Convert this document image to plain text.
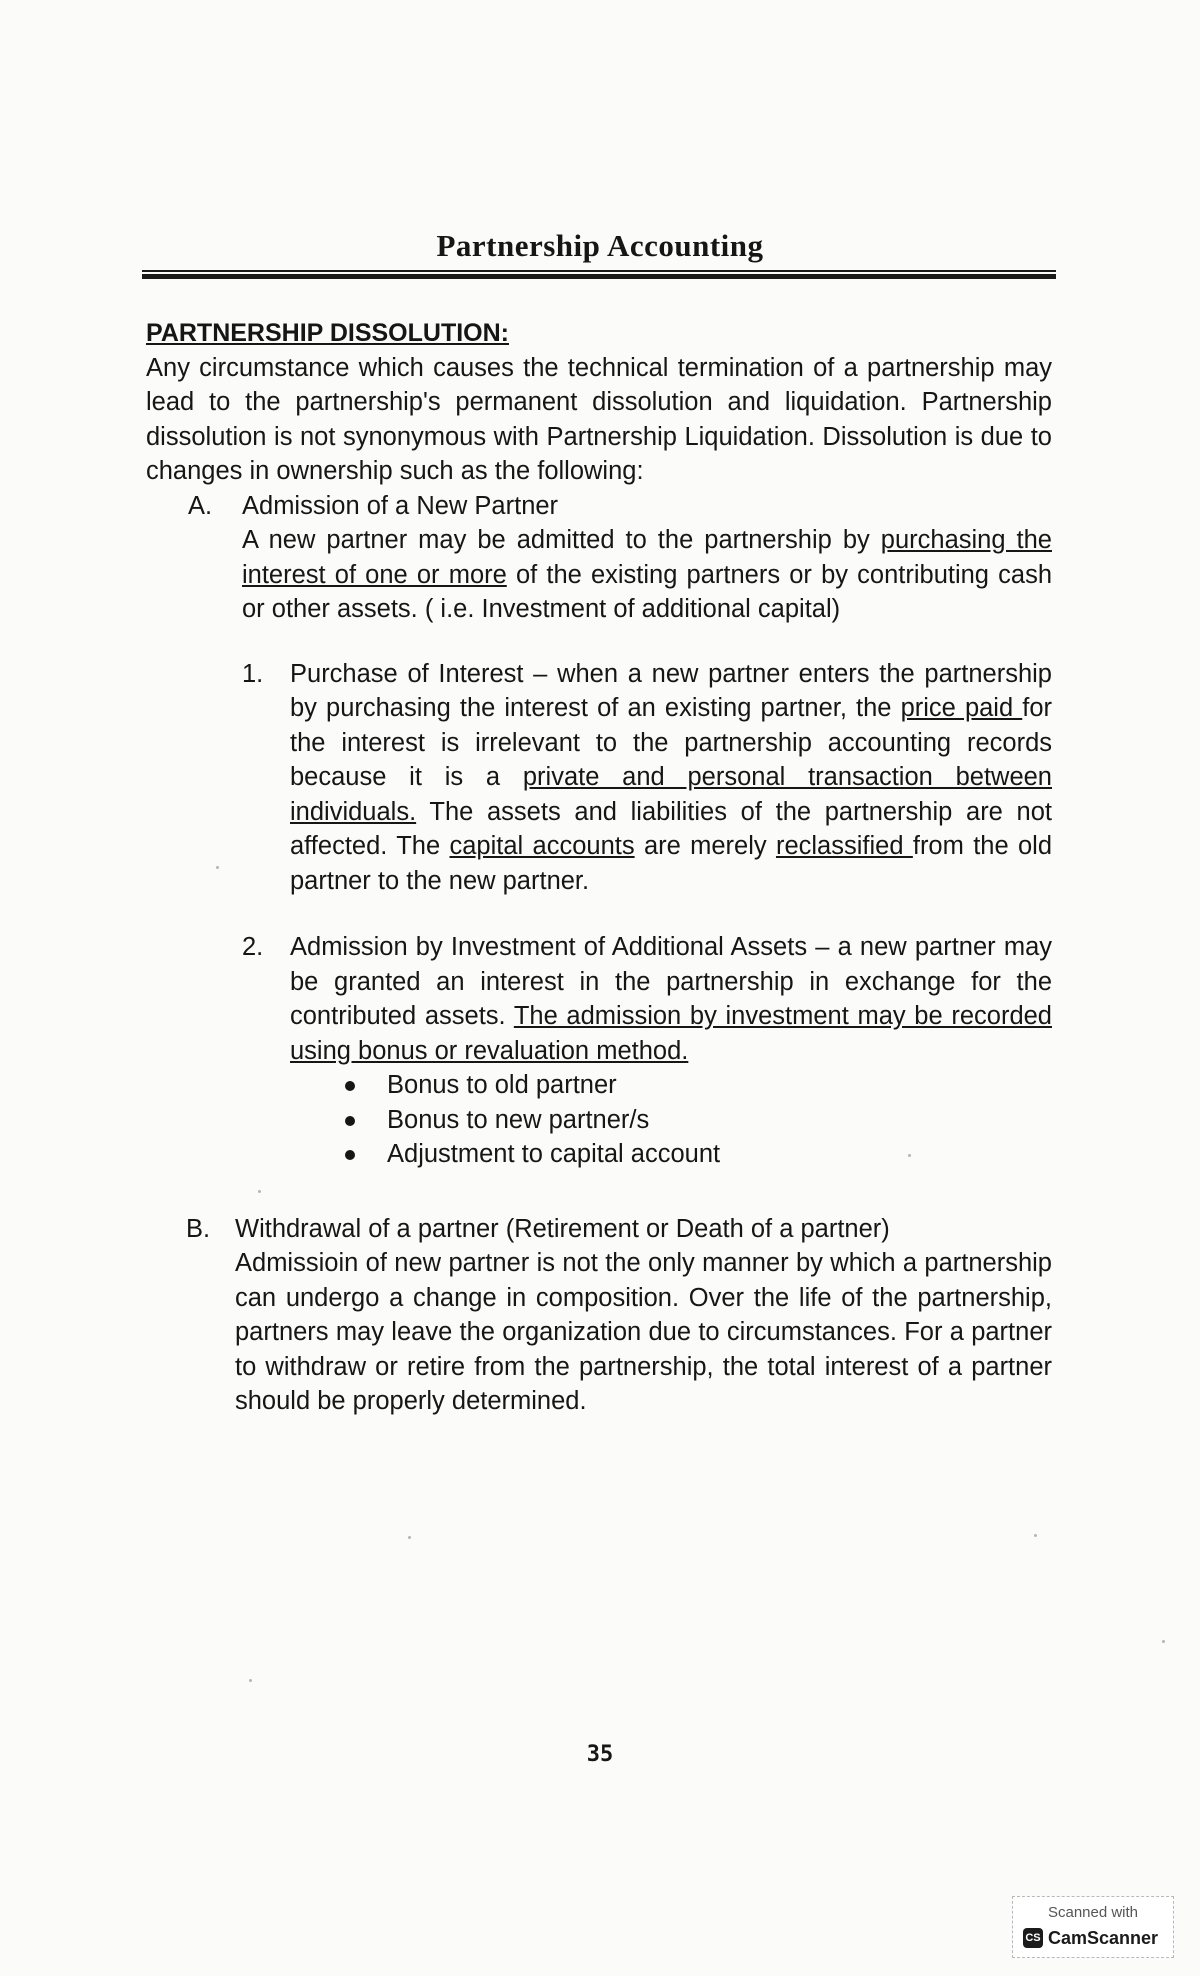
Partnership Accounting
PARTNERSHIP DISSOLUTION:

Any circumstance which causes the technical termination of a partnership may lead to the partnership's permanent dissolution and liquidation. Partnership dissolution is not synonymous with Partnership Liquidation. Dissolution is due to changes in ownership such as the following:

A. Admission of a New Partner

A new partner may be admitted to the partnership by purchasing the interest of one or more of the existing partners or by contributing cash or other assets. ( i.e. Investment of additional capital)

1. Purchase of Interest – when a new partner enters the partnership by purchasing the interest of an existing partner, the price paid for the interest is irrelevant to the partnership accounting records because it is a private and personal transaction between individuals. The assets and liabilities of the partnership are not affected. The capital accounts are merely reclassified from the old partner to the new partner.

2. Admission by Investment of Additional Assets – a new partner may be granted an interest in the partnership in exchange for the contributed assets. The admission by investment may be recorded using bonus or revaluation method.

Bonus to old partner
Bonus to new partner/s
Adjustment to capital account
B. Withdrawal of a partner (Retirement or Death of a partner)

Admissioin of new partner is not the only manner by which a partnership can undergo a change in composition. Over the life of the partnership, partners may leave the organization due to circumstances. For a partner to withdraw or retire from the partnership, the total interest of a partner should be properly determined.

35
Scanned with
CS CamScanner
